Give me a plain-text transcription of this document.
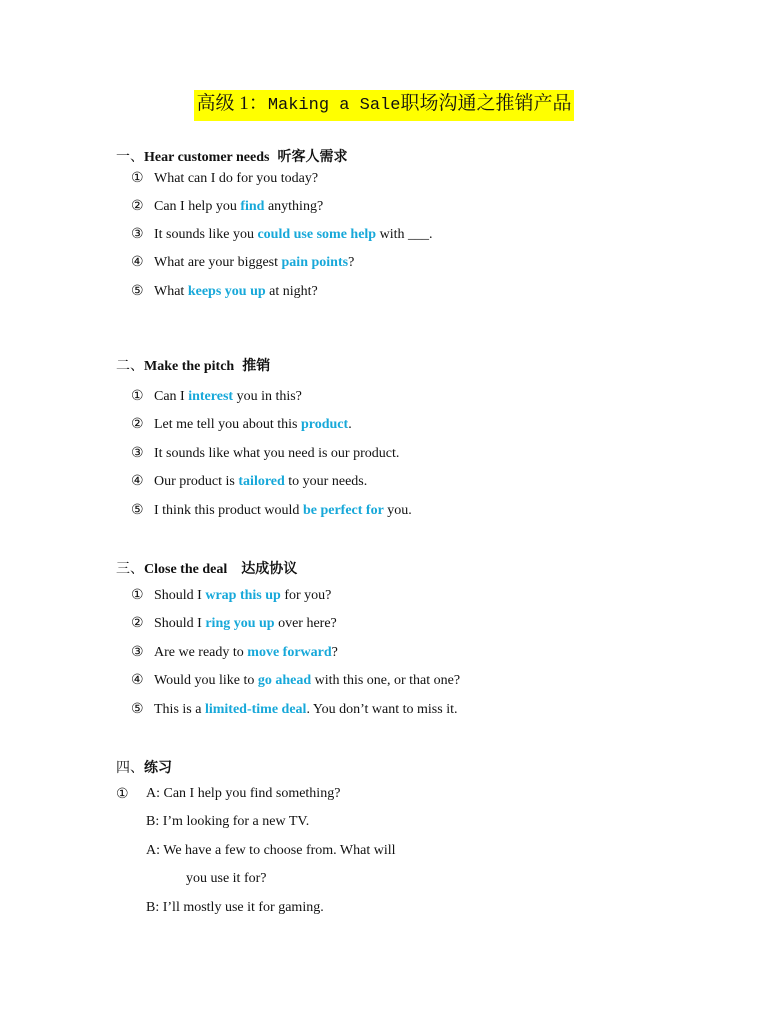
高级 1：Making a Sale职场沟通之推销产品
一、Hear customer needs 听客人需求
① What can I do for you today?
② Can I help you find anything?
③ It sounds like you could use some help with ___.
④ What are your biggest pain points?
⑤ What keeps you up at night?
二、Make the pitch 推销
① Can I interest you in this?
② Let me tell you about this product.
③ It sounds like what you need is our product.
④ Our product is tailored to your needs.
⑤ I think this product would be perfect for you.
三、Close the deal 达成协议
① Should I wrap this up for you?
② Should I ring you up over here?
③ Are we ready to move forward?
④ Would you like to go ahead with this one, or that one?
⑤ This is a limited-time deal. You don’t want to miss it.
四、练习
① A: Can I help you find something?
B: I’m looking for a new TV.
A: We have a few to choose from. What will
you use it for?
B: I’ll mostly use it for gaming.
